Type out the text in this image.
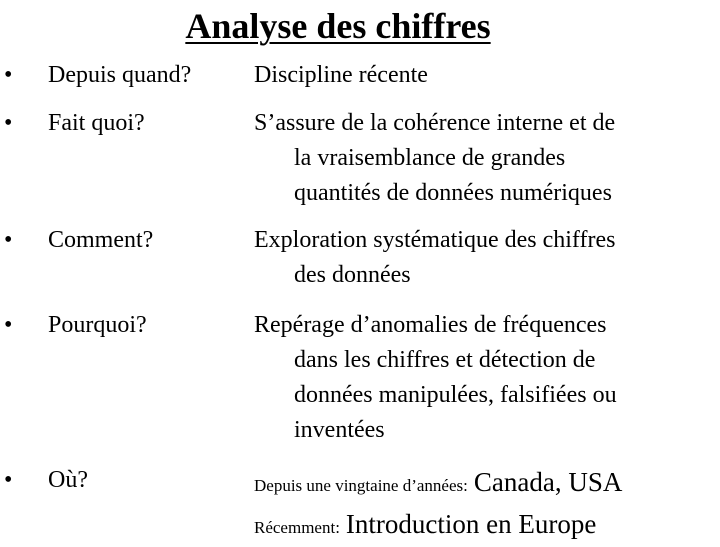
Analyse des chiffres
• Depuis quand?	Discipline récente
• Fait quoi?	S’assure de la cohérence interne et de
la vraisemblance de grandes
quantités de données numériques
• Comment?	Exploration systématique des chiffres
des données
• Pourquoi?	Repérage d’anomalies de fréquences
dans les chiffres et détection de
données manipulées, falsifiées ou
inventées
• Où?	Depuis une vingtaine d’années: Canada, USA
Récemment: Introduction en Europe
